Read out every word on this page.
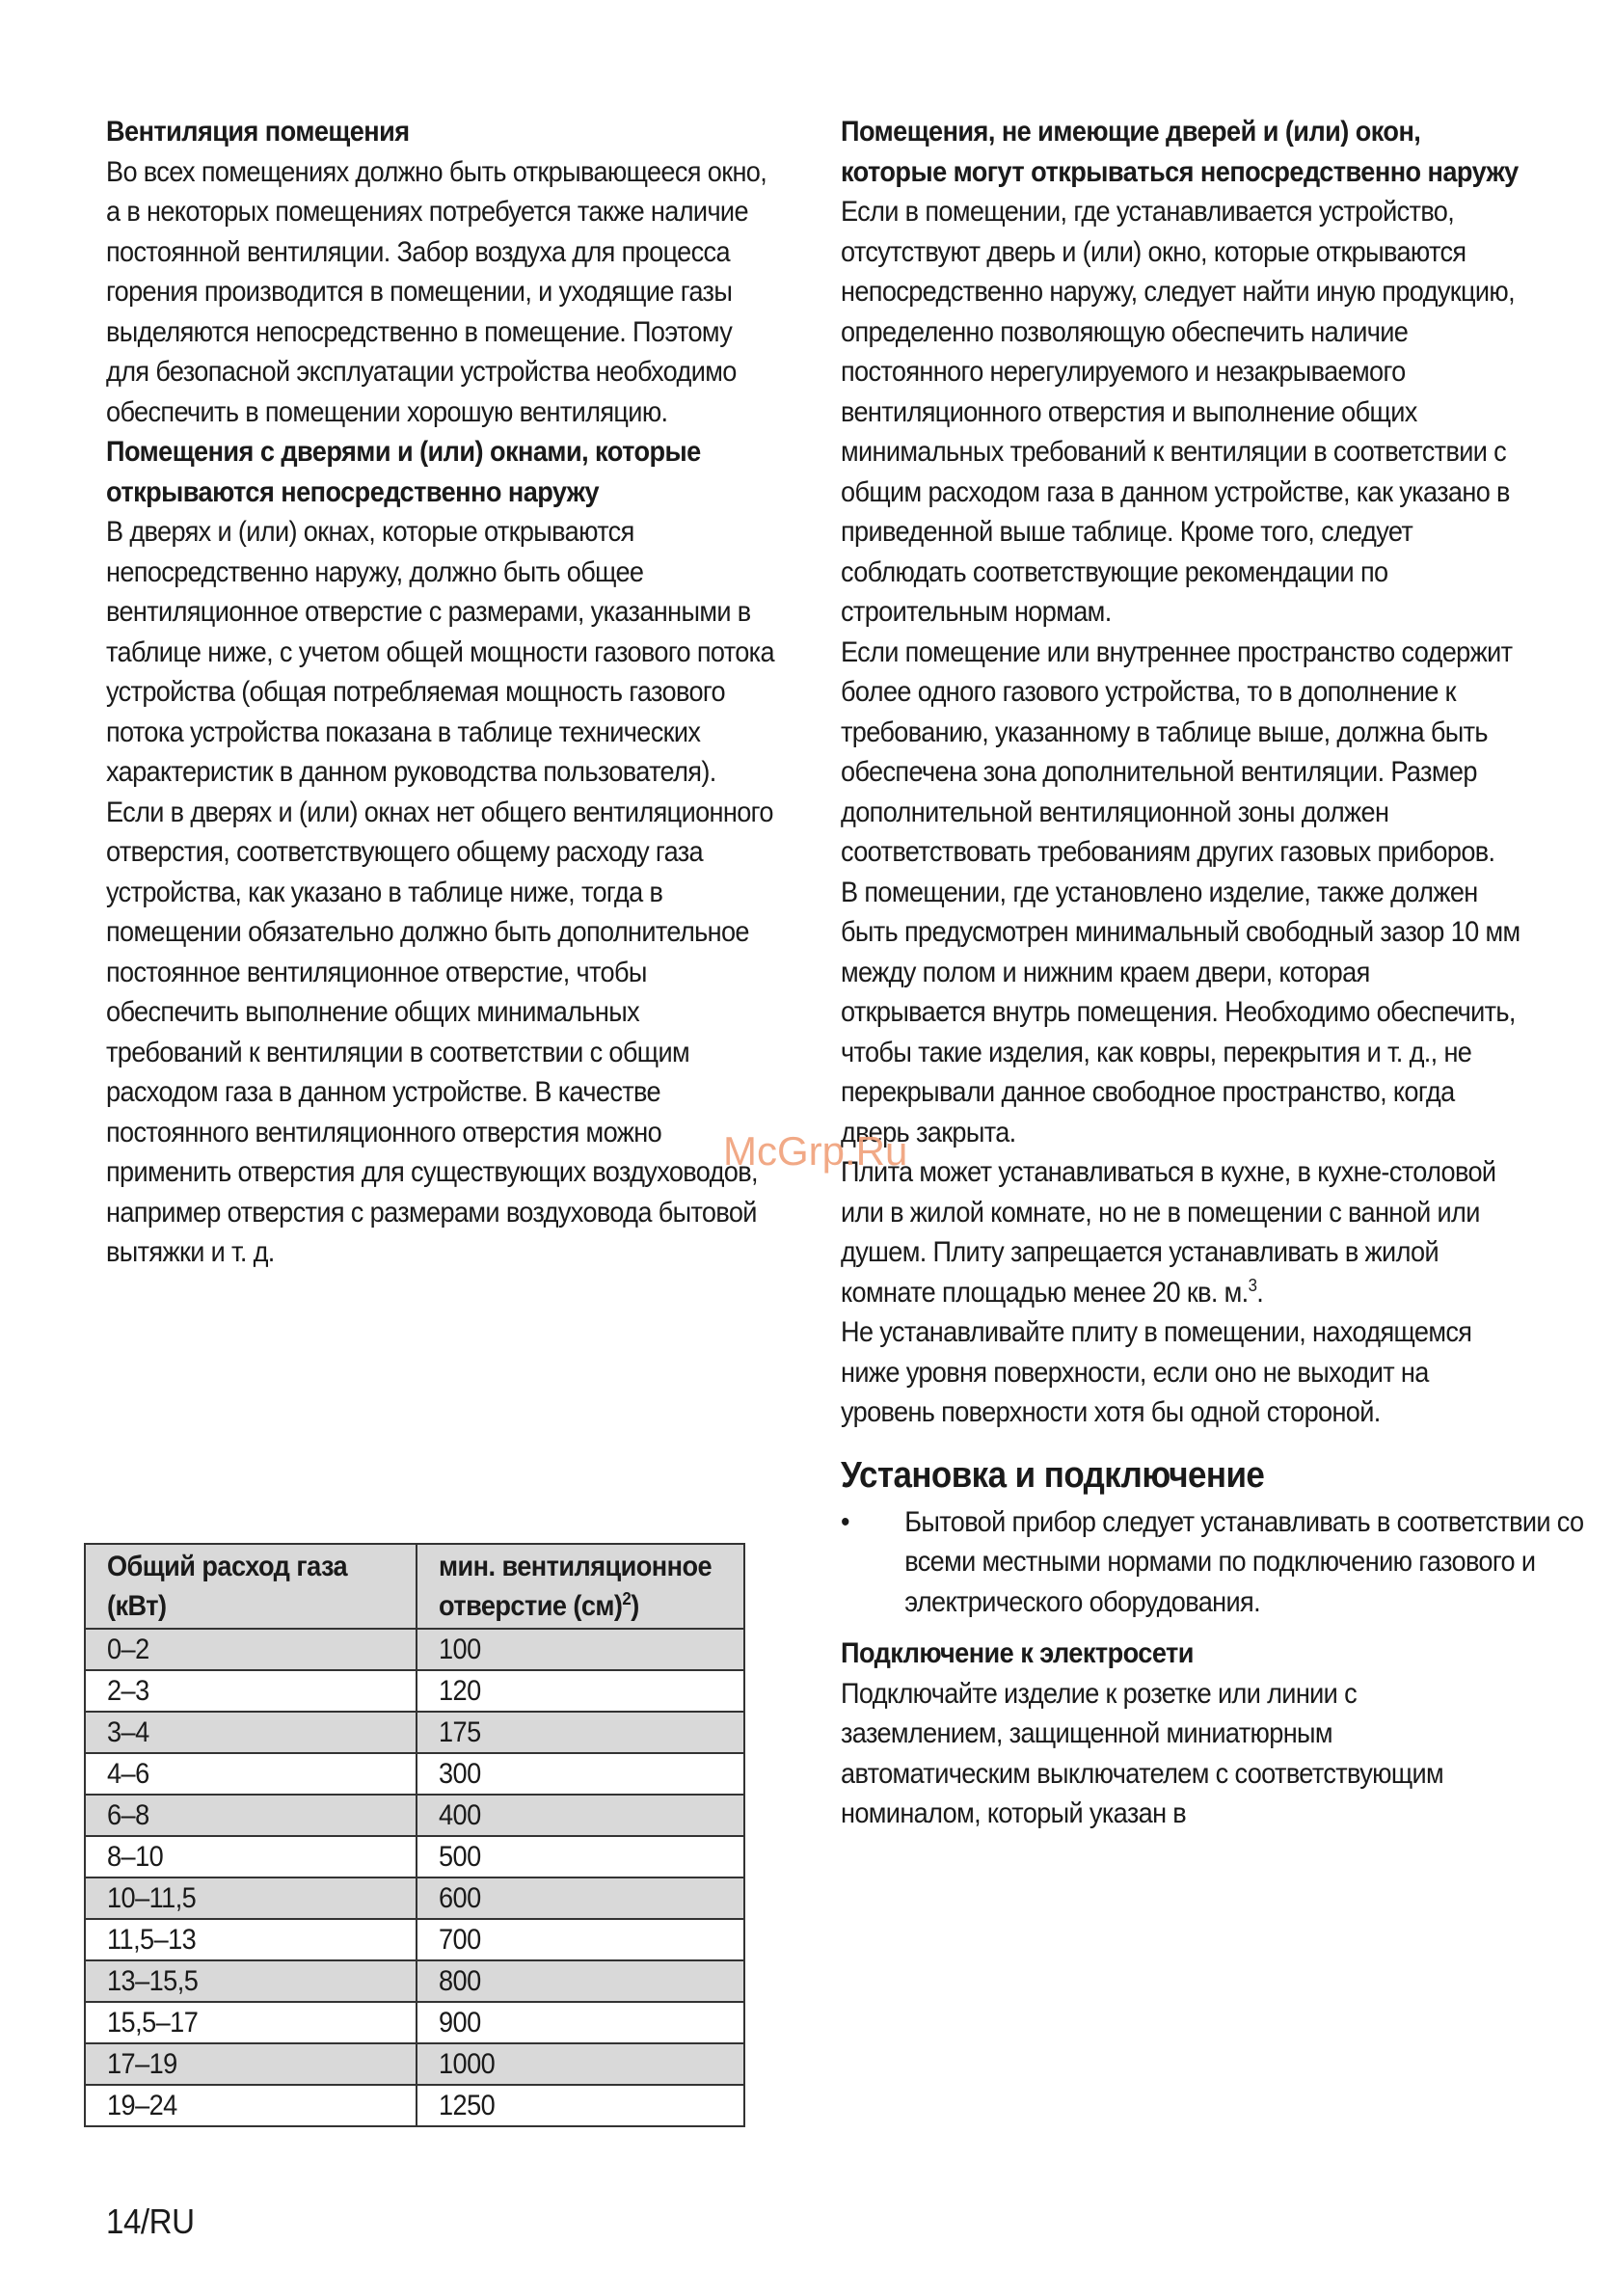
Вентиляция помещения

Во всех помещениях должно быть открывающееся окно, а в некоторых помещениях потребуется также наличие постоянной вентиляции. Забор воздуха для процесса горения производится в помещении, и уходящие газы выделяются непосредственно в помещение. Поэтому для безопасной эксплуатации устройства необходимо обеспечить в помещении хорошую вентиляцию.

Помещения с дверями и (или) окнами, которые открываются непосредственно наружу

В дверях и (или) окнах, которые открываются непосредственно наружу, должно быть общее вентиляционное отверстие с размерами, указанными в таблице ниже, с учетом общей мощности газового потока устройства (общая потребляемая мощность газового потока устройства показана в таблице технических характеристик в данном руководства пользователя). Если в дверях и (или) окнах нет общего вентиляционного отверстия, соответствующего общему расходу газа устройства, как указано в таблице ниже, тогда в помещении обязательно должно быть дополнительное постоянное вентиляционное отверстие, чтобы обеспечить выполнение общих минимальных требований к вентиляции в соответствии с общим расходом газа в данном устройстве. В качестве постоянного вентиляционного отверстия можно применить отверстия для существующих воздуховодов, например отверстия с размерами воздуховода бытовой вытяжки и т. д.

Общий расход газа (кВт)	мин. вентиляционное отверстие (см)$^2$)
0–2	100
2–3	120
3–4	175
4–6	300
6–8	400
8–10	500
10–11,5	600
11,5–13	700
13–15,5	800
15,5–17	900
17–19	1000
19–24	1250

Помещения, не имеющие дверей и (или) окон, которые могут открываться непосредственно наружу

Если в помещении, где устанавливается устройство, отсутствуют дверь и (или) окно, которые открываются непосредственно наружу, следует найти иную продукцию, определенно позволяющую обеспечить наличие постоянного нерегулируемого и незакрываемого вентиляционного отверстия и выполнение общих минимальных требований к вентиляции в соответствии с общим расходом газа в данном устройстве, как указано в приведенной выше таблице. Кроме того, следует соблюдать соответствующие рекомендации по строительным нормам.

Если помещение или внутреннее пространство содержит более одного газового устройства, то в дополнение к требованию, указанному в таблице выше, должна быть обеспечена зона дополнительной вентиляции. Размер дополнительной вентиляционной зоны должен соответствовать требованиям других газовых приборов.

В помещении, где установлено изделие, также должен быть предусмотрен минимальный свободный зазор 10 мм между полом и нижним краем двери, которая открывается внутрь помещения. Необходимо обеспечить, чтобы такие изделия, как ковры, перекрытия и т. д., не перекрывали данное свободное пространство, когда дверь закрыта.

Плита может устанавливаться в кухне, в кухне-столовой или в жилой комнате, но не в помещении с ванной или душем. Плиту запрещается устанавливать в жилой комнате площадью менее 20 кв. м.$^3$.

Не устанавливайте плиту в помещении, находящемся ниже уровня поверхности, если оно не выходит на уровень поверхности хотя бы одной стороной.

Установка и подключение

• Бытовой прибор следует устанавливать в соответствии со всеми местными нормами по подключению газового и электрического оборудования.

Подключение к электросети

Подключайте изделие к розетке или линии с заземлением, защищенной миниатюрным автоматическим выключателем с соответствующим номиналом, который указан в

McGrp.Ru
14/RU
